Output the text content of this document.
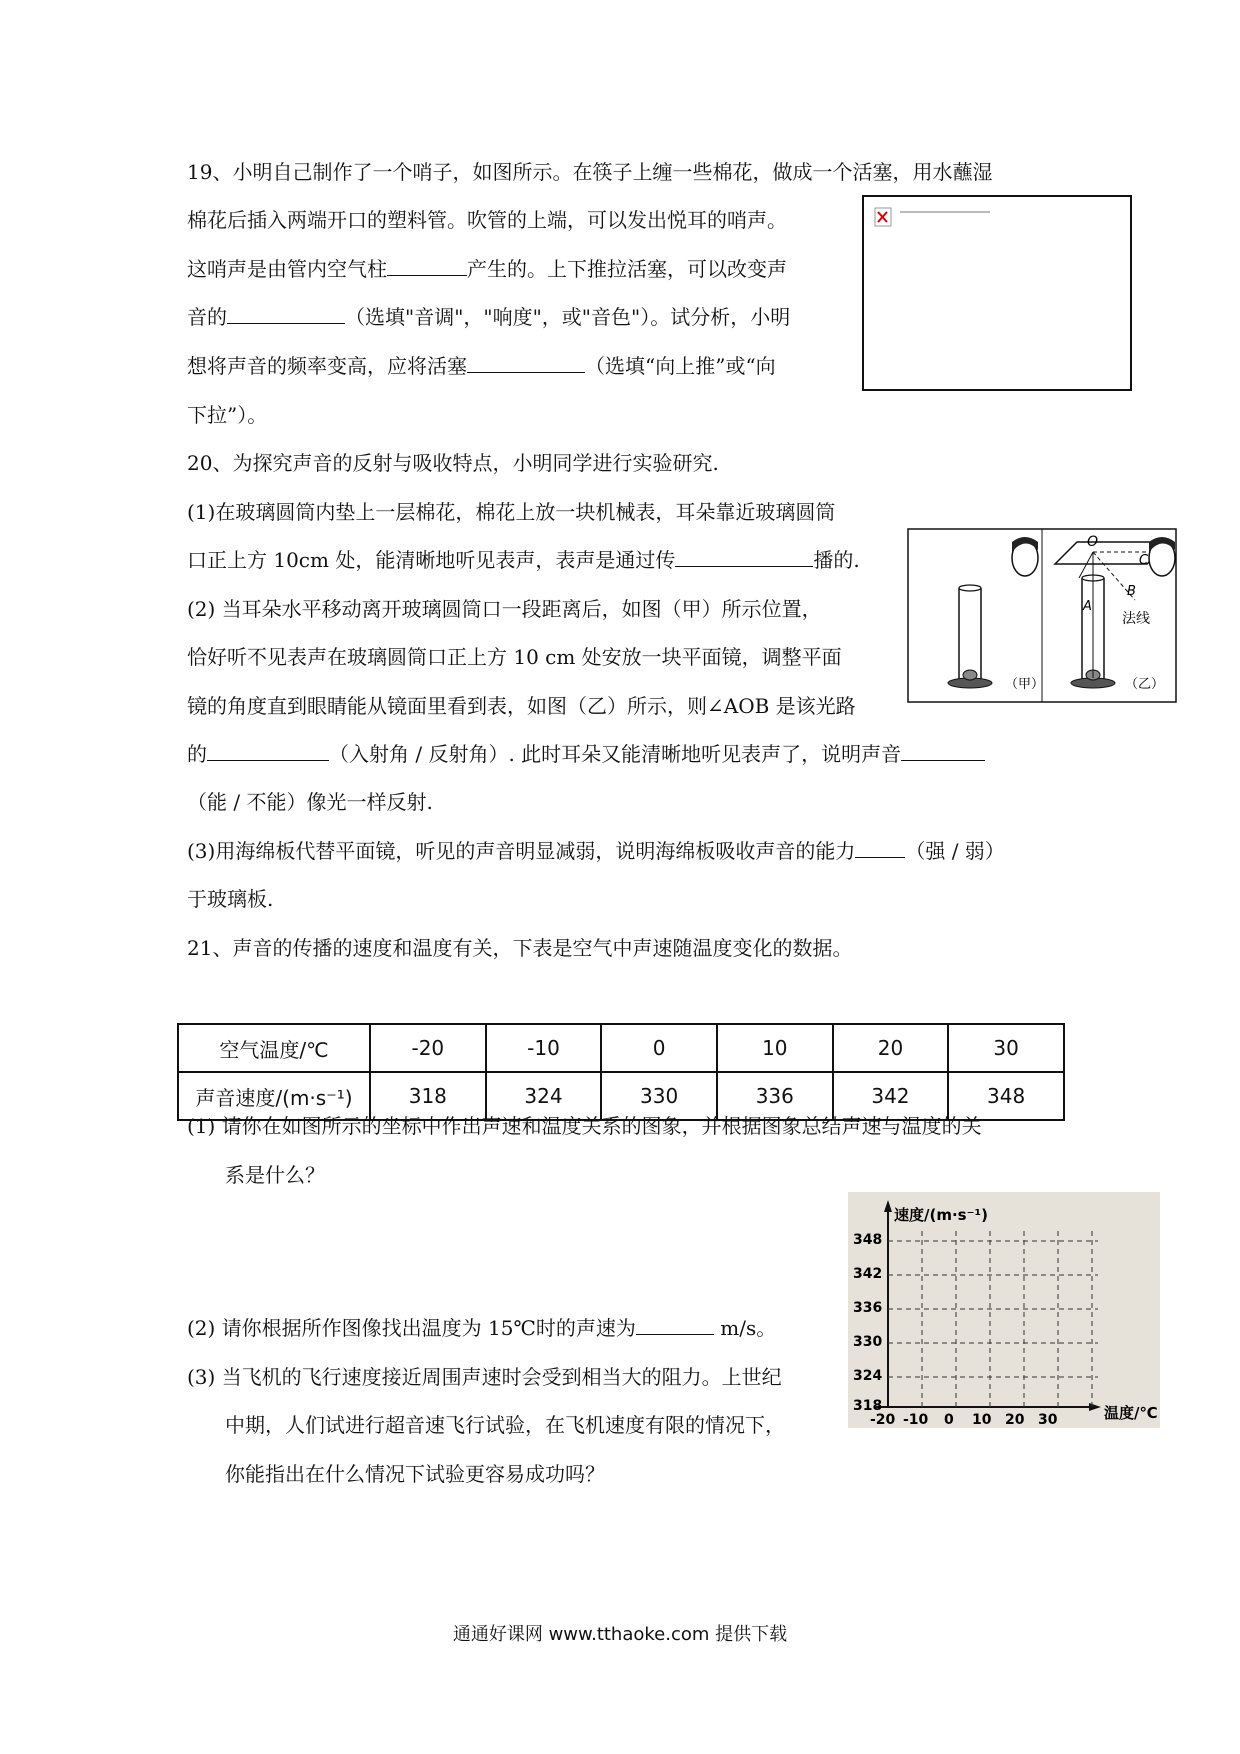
19、小明自己制作了一个哨子，如图所示。在筷子上缠一些棉花，做成一个活塞，用水蘸湿
棉花后插入两端开口的塑料管。吹管的上端，可以发出悦耳的哨声。
这哨声是由管内空气柱	产生的。上下推拉活塞，可以改变声
音的	（选填"音调"，"响度"，或"音色"）。试分析，小明
想将声音的频率变高，应将活塞	（选填“向上推”或“向
下拉”）。
20、为探究声音的反射与吸收特点，小明同学进行实验研究.
(1)在玻璃圆筒内垫上一层棉花，棉花上放一块机械表，耳朵靠近玻璃圆筒
口正上方 10cm 处，能清晰地听见表声，表声是通过传	播的.
(2) 当耳朵水平移动离开玻璃圆筒口一段距离后，如图（甲）所示位置，
恰好听不见表声在玻璃圆筒口正上方 10 cm 处安放一块平面镜，调整平面
镜的角度直到眼睛能从镜面里看到表，如图（乙）所示，则∠AOB 是该光路
的	（入射角 / 反射角）. 此时耳朵又能清晰地听见表声了，说明声音
（能 / 不能）像光一样反射.
(3)用海绵板代替平面镜，听见的声音明显减弱，说明海绵板吸收声音的能力	（强 / 弱）
于玻璃板.
（甲）
O
A
B
C
法线
（乙）
21、声音的传播的速度和温度有关，下表是空气中声速随温度变化的数据。
空气温度/℃	-20	-10	0	10	20	30
声音速度/(m·s⁻¹)	318	324	330	336	342	348
(1) 请你在如图所示的坐标中作出声速和温度关系的图象，并根据图象总结声速与温度的关
系是什么？
(2) 请你根据所作图像找出温度为 15℃时的声速为	m/s。
(3) 当飞机的飞行速度接近周围声速时会受到相当大的阻力。上世纪
中期，人们试进行超音速飞行试验，在飞机速度有限的情况下，
你能指出在什么情况下试验更容易成功吗？
速度/(m·s⁻¹)
温度/℃
348
342
336
330
324
318
-20 -10 0 10 20 30
通通好课网 www.tthaoke.com 提供下载
